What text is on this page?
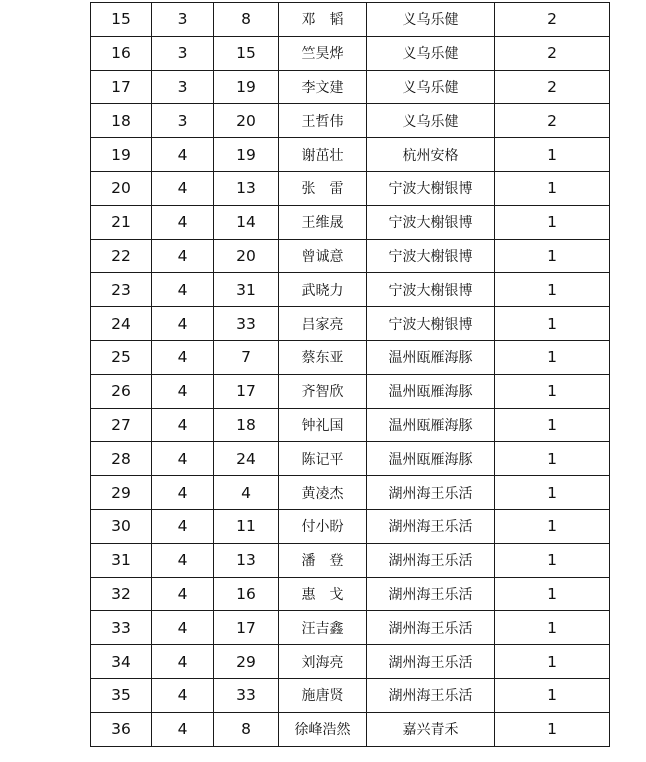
15	3	8	邓　韬	义乌乐健	2
16	3	15	竺昊烨	义乌乐健	2
17	3	19	李文建	义乌乐健	2
18	3	20	王哲伟	义乌乐健	2
19	4	19	谢茁壮	杭州安格	1
20	4	13	张　雷	宁波大榭银博	1
21	4	14	王维晟	宁波大榭银博	1
22	4	20	曾诚意	宁波大榭银博	1
23	4	31	武晓力	宁波大榭银博	1
24	4	33	吕家亮	宁波大榭银博	1
25	4	7	蔡东亚	温州瓯雁海豚	1
26	4	17	齐智欣	温州瓯雁海豚	1
27	4	18	钟礼国	温州瓯雁海豚	1
28	4	24	陈记平	温州瓯雁海豚	1
29	4	4	黄凌杰	湖州海王乐活	1
30	4	11	付小盼	湖州海王乐活	1
31	4	13	潘　登	湖州海王乐活	1
32	4	16	惠　戈	湖州海王乐活	1
33	4	17	汪吉鑫	湖州海王乐活	1
34	4	29	刘海亮	湖州海王乐活	1
35	4	33	施唐贤	湖州海王乐活	1
36	4	8	徐峰浩然	嘉兴青禾	1
